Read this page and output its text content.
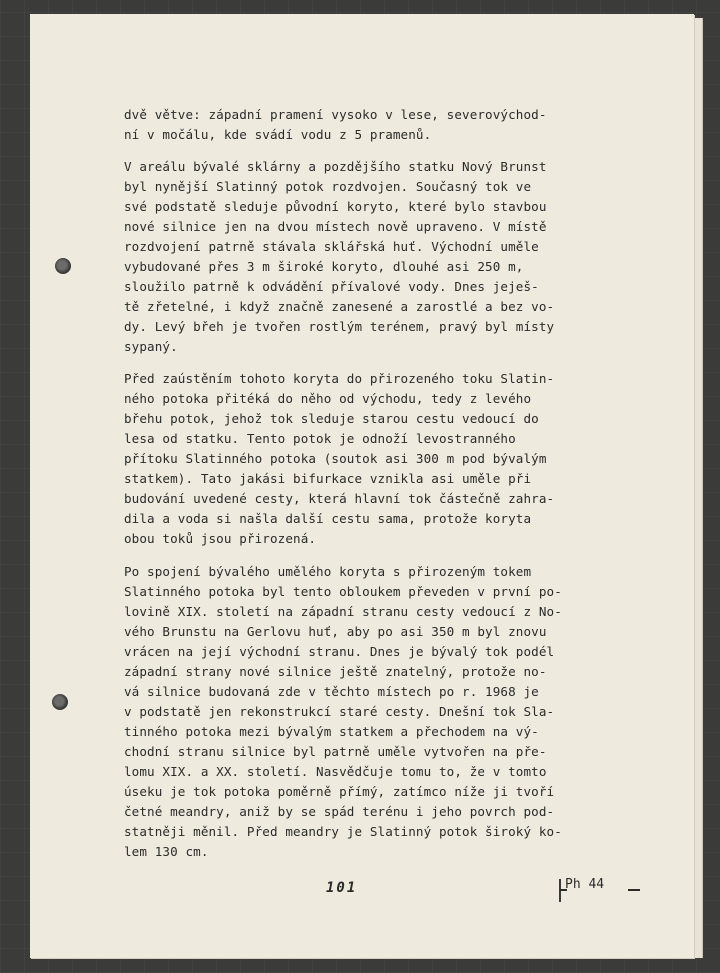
dvě větve: západní pramení vysoko v lese, severovýchod-
ní v močálu, kde svádí vodu z 5 pramenů.

V areálu bývalé sklárny a pozdějšího statku Nový Brunst
byl nynější Slatinný potok rozdvojen. Současný tok ve
své podstatě sleduje původní koryto, které bylo stavbou
nové silnice jen na dvou místech nově upraveno. V místě
rozdvojení patrně stávala sklářská huť. Východní uměle
vybudované přes 3 m široké koryto, dlouhé asi 250 m,
sloužilo patrně k odvádění přívalové vody. Dnes jeješ-
tě zřetelné, i když značně zanesené a zarostlé a bez vo-
dy. Levý břeh je tvořen rostlým terénem, pravý byl místy
sypaný.

Před zaústěním tohoto koryta do přirozeného toku Slatin-
ného potoka přitéká do něho od východu, tedy z levého
břehu potok, jehož tok sleduje starou cestu vedoucí do
lesa od statku. Tento potok je odnoží levostranného
přítoku Slatinného potoka (soutok asi 300 m pod bývalým
statkem). Tato jakási bifurkace vznikla asi uměle při
budování uvedené cesty, která hlavní tok částečně zahra-
dila a voda si našla další cestu sama, protože koryta
obou toků jsou přirozená.

Po spojení bývalého umělého koryta s přirozeným tokem
Slatinného potoka byl tento obloukem převeden v první po-
lovině XIX. století na západní stranu cesty vedoucí z No-
vého Brunstu na Gerlovu huť, aby po asi 350 m byl znovu
vrácen na její východní stranu. Dnes je bývalý tok podél
západní strany nové silnice ještě znatelný, protože no-
vá silnice budovaná zde v těchto místech po r. 1968 je
v podstatě jen rekonstrukcí staré cesty. Dnešní tok Sla-
tinného potoka mezi bývalým statkem a přechodem na vý-
chodní stranu silnice byl patrně uměle vytvořen na pře-
lomu XIX. a XX. století. Nasvědčuje tomu to, že v tomto
úseku je tok potoka poměrně přímý, zatímco níže ji tvoří
četné meandry, aniž by se spád terénu i jeho povrch pod-
statněji měnil. Před meandry je Slatinný potok široký ko-
lem 130 cm.

101	Ph 44
